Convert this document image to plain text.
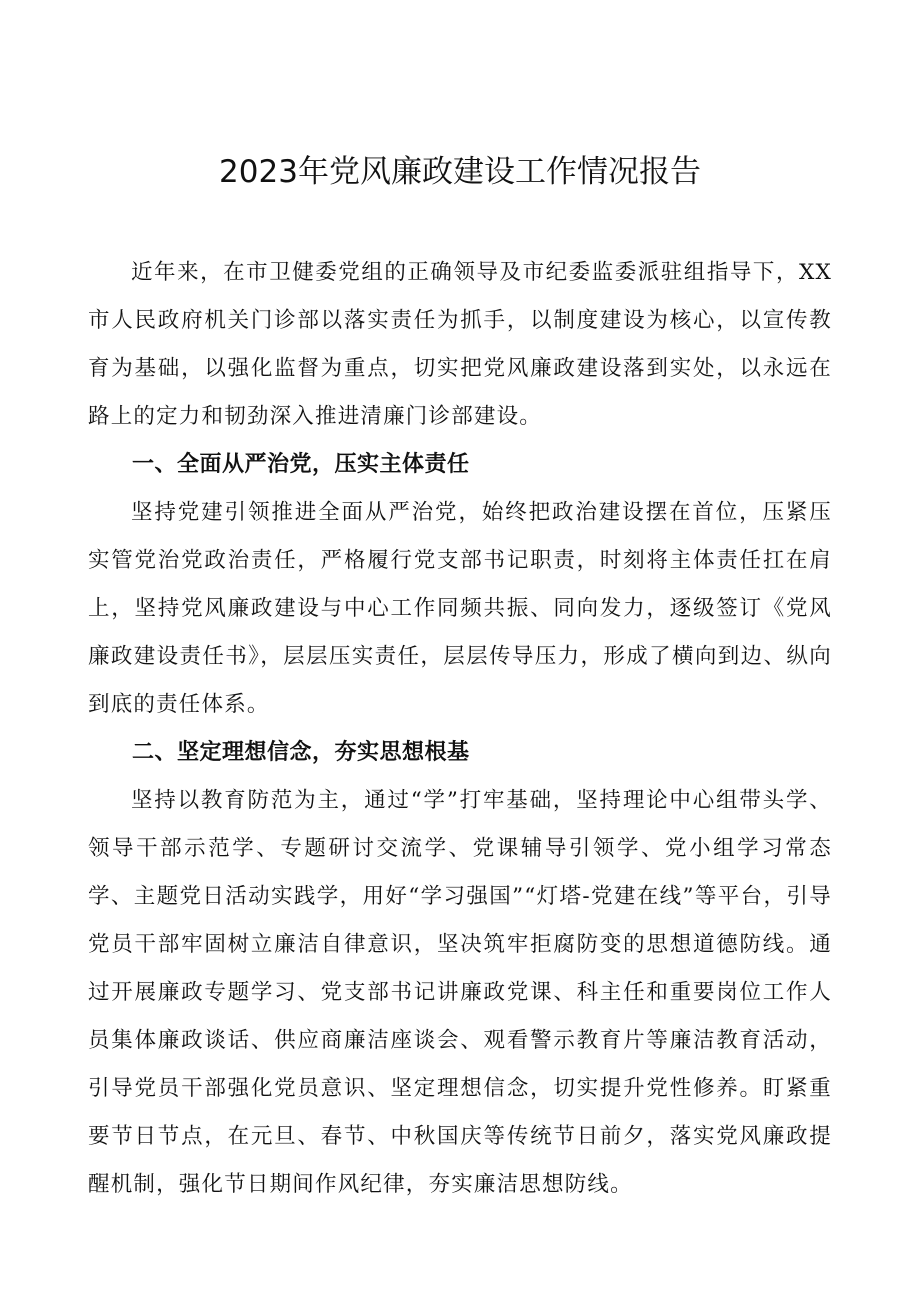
2023年党风廉政建设工作情况报告

近年来，在市卫健委党组的正确领导及市纪委监委派驻组指导下，XX市人民政府机关门诊部以落实责任为抓手，以制度建设为核心，以宣传教育为基础，以强化监督为重点，切实把党风廉政建设落到实处，以永远在路上的定力和韧劲深入推进清廉门诊部建设。

一、全面从严治党，压实主体责任

坚持党建引领推进全面从严治党，始终把政治建设摆在首位，压紧压实管党治党政治责任，严格履行党支部书记职责，时刻将主体责任扛在肩上，坚持党风廉政建设与中心工作同频共振、同向发力，逐级签订《党风廉政建设责任书》，层层压实责任，层层传导压力，形成了横向到边、纵向到底的责任体系。

二、坚定理想信念，夯实思想根基

坚持以教育防范为主，通过“学”打牢基础，坚持理论中心组带头学、领导干部示范学、专题研讨交流学、党课辅导引领学、党小组学习常态学、主题党日活动实践学，用好“学习强国”“灯塔-党建在线”等平台，引导党员干部牢固树立廉洁自律意识，坚决筑牢拒腐防变的思想道德防线。通过开展廉政专题学习、党支部书记讲廉政党课、科主任和重要岗位工作人员集体廉政谈话、供应商廉洁座谈会、观看警示教育片等廉洁教育活动，引导党员干部强化党员意识、坚定理想信念，切实提升党性修养。盯紧重要节日节点，在元旦、春节、中秋国庆等传统节日前夕，落实党风廉政提醒机制，强化节日期间作风纪律，夯实廉洁思想防线。
